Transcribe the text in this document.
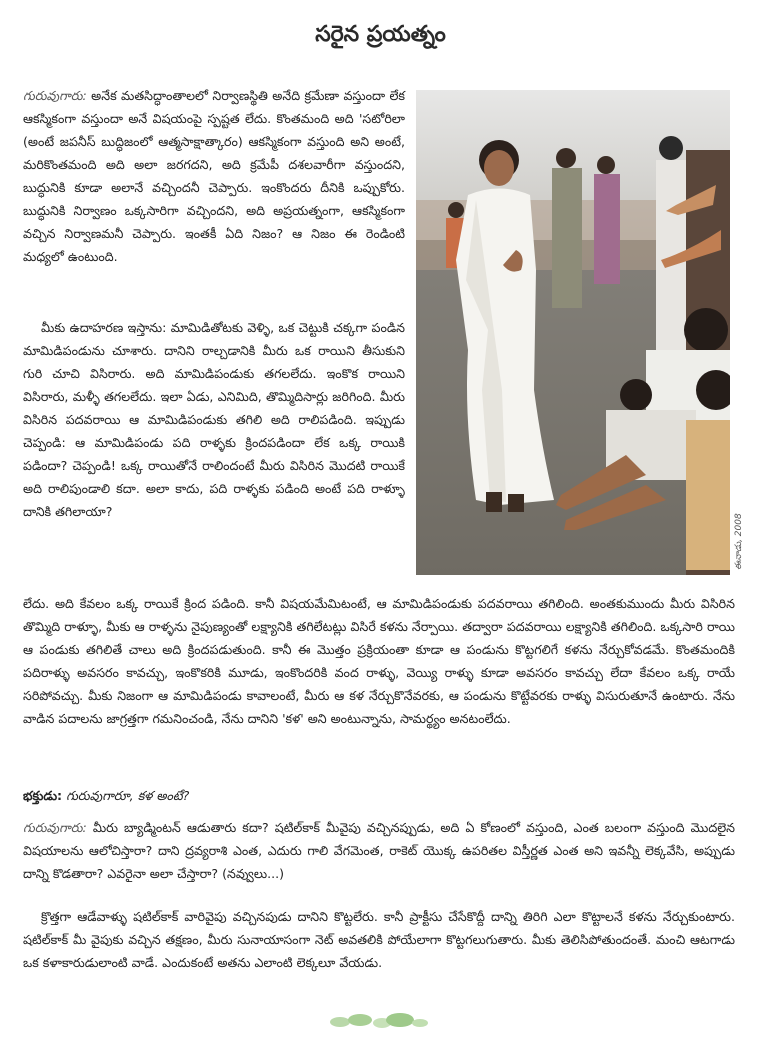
సరైన ప్రయత్నం
ఈనాడు, 2008

గురువుగారు: అనేక మతసిద్ధాంతాలలో నిర్వాణస్థితి అనేది క్రమేణా వస్తుందా లేక ఆకస్మికంగా వస్తుందా అనే విషయంపై స్పష్టత లేదు. కొంతమంది అది 'సటోరిలా (అంటే జపనీస్ బుద్ధిజంలో ఆత్మసాక్షాత్కారం) ఆకస్మికంగా వస్తుంది అని అంటే, మరికొంతమంది అది అలా జరగదని, అది క్రమేపీ దశలవారీగా వస్తుందని, బుద్ధునికి కూడా అలానే వచ్చిందనీ చెప్పారు. ఇంకొందరు దీనికి ఒప్పుకోరు. బుద్ధునికి నిర్వాణం ఒక్కసారిగా వచ్చిందని, అది అప్రయత్నంగా, ఆకస్మికంగా వచ్చిన నిర్వాణమనీ చెప్పారు. ఇంతకీ ఏది నిజం? ఆ నిజం ఈ రెండింటి మధ్యలో ఉంటుంది.

మీకు ఉదాహరణ ఇస్తాను: మామిడితోటకు వెళ్ళి, ఒక చెట్టుకి చక్కగా పండిన మామిడిపండును చూశారు. దానిని రాల్చడానికి మీరు ఒక రాయిని తీసుకుని గురి చూచి విసిరారు. అది మామిడిపండుకు తగలలేదు. ఇంకొక రాయిని విసిరారు, మళ్ళీ తగలలేదు. ఇలా ఏడు, ఎనిమిది, తొమ్మిదిసార్లు జరిగింది. మీరు విసిరిన పదవరాయి ఆ మామిడిపండుకు తగిలి అది రాలిపడింది. ఇప్పుడు చెప్పండి: ఆ మామిడిపండు పది రాళ్ళకు క్రిందపడిందా లేక ఒక్క రాయికి పడిందా? చెప్పండి! ఒక్క రాయితోనే రాలిందంటే మీరు విసిరిన మొదటి రాయికే అది రాలిపుండాలి కదా. అలా కాదు, పది రాళ్ళకు పడింది అంటే పది రాళ్ళూ దానికి తగిలాయా?

లేదు. అది కేవలం ఒక్క రాయికే క్రింద పడింది. కానీ విషయమేమిటంటే, ఆ మామిడిపండుకు పదవరాయి తగిలింది. అంతకుముందు మీరు విసిరిన తొమ్మిది రాళ్ళూ, మీకు ఆ రాళ్ళను నైపుణ్యంతో లక్ష్యానికి తగిలేటట్లు విసిరే కళను నేర్పాయి. తద్వారా పదవరాయి లక్ష్యానికి తగిలింది. ఒక్కసారి రాయి ఆ పండుకు తగిలితే చాలు అది క్రిందపడుతుంది. కానీ ఈ మొత్తం ప్రక్రియంతా కూడా ఆ పండును కొట్టగలిగే కళను నేర్చుకోవడమే. కొంతమందికి పదిరాళ్ళు అవసరం కావచ్చు, ఇంకొకరికి మూడు, ఇంకొందరికి వంద రాళ్ళు, వెయ్యి రాళ్ళు కూడా అవసరం కావచ్చు లేదా కేవలం ఒక్క రాయే సరిపోవచ్చు. మీకు నిజంగా ఆ మామిడిపండు కావాలంటే, మీరు ఆ కళ నేర్చుకొనేవరకు, ఆ పండును కొట్టేవరకు రాళ్ళు విసురుతూనే ఉంటారు. నేను వాడిన పదాలను జాగ్రత్తగా గమనించండి, నేను దానిని 'కళ' అని అంటున్నాను, సామర్థ్యం అనటంలేదు.

భక్తుడు: గురువుగారూ, కళ అంటే?

గురువుగారు: మీరు బ్యాడ్మింటన్ ఆడుతారు కదా? షటిల్‌కాక్ మీవైపు వచ్చినప్పుడు, అది ఏ కోణంలో వస్తుంది, ఎంత బలంగా వస్తుంది మొదలైన విషయాలను ఆలోచిస్తారా? దాని ద్రవ్యరాశి ఎంత, ఎదురు గాలి వేగమెంత, రాకెట్ యొక్క ఉపరితల విస్తీర్ణత ఎంత అని ఇవన్నీ లెక్కవేసి, అప్పుడు దాన్ని కొడతారా? ఎవరైనా అలా చేస్తారా? (నవ్వులు...)

క్రొత్తగా ఆడేవాళ్ళు షటిల్‌కాక్ వారివైపు వచ్చినపుడు దానిని కొట్టలేరు. కానీ ప్రాక్టీసు చేసేకొద్దీ దాన్ని తిరిగి ఎలా కొట్టాలనే కళను నేర్చుకుంటారు. షటిల్‌కాక్ మీ వైపుకు వచ్చిన తక్షణం, మీరు సునాయాసంగా నెట్ అవతలికి పోయేలాగా కొట్టగలుగుతారు. మీకు తెలిసిపోతుందంతే. మంచి ఆటగాడు ఒక కళాకారుడులాంటి వాడే. ఎందుకంటే అతను ఎలాంటి లెక్కలూ వేయడు.
